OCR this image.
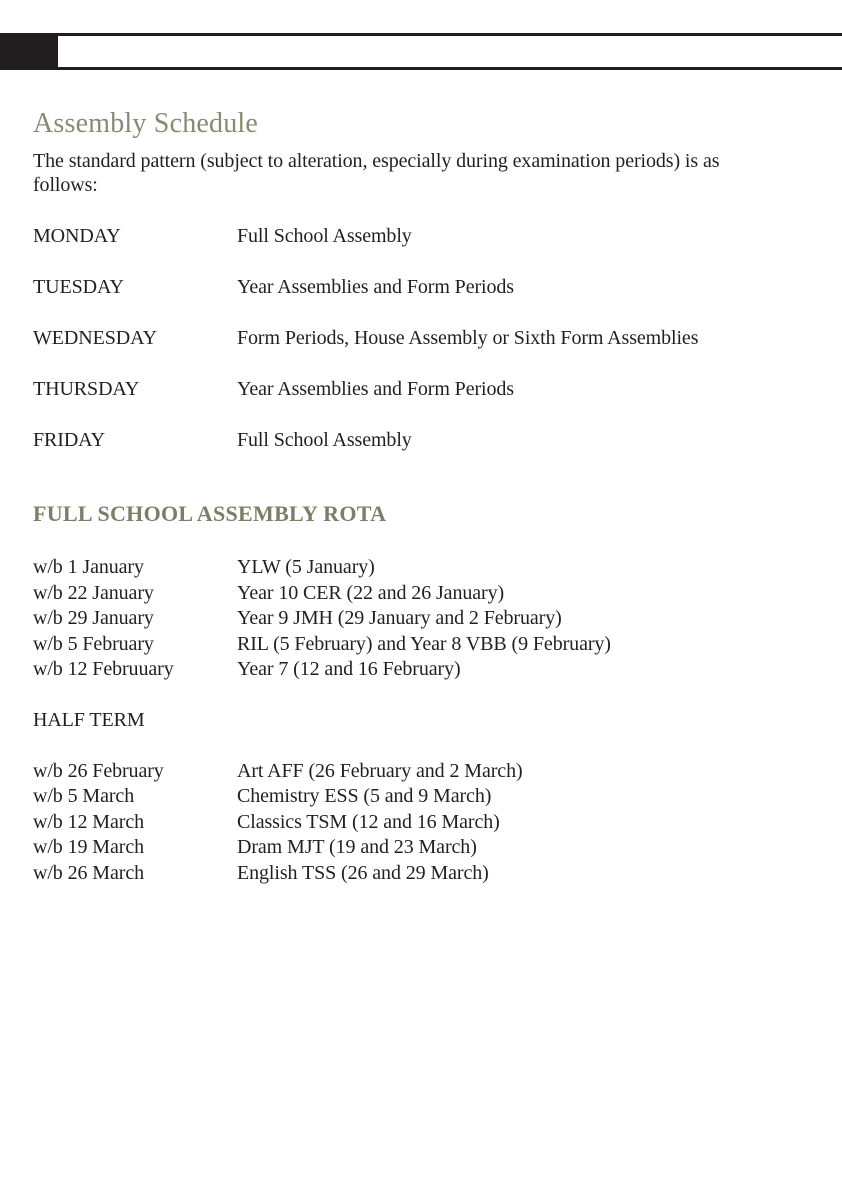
Assembly Schedule

The standard pattern (subject to alteration, especially during examination periods) is as follows:

MONDAY	Full School Assembly
TUESDAY	Year Assemblies and Form Periods
WEDNESDAY	Form Periods, House Assembly or Sixth Form Assemblies
THURSDAY	Year Assemblies and Form Periods
FRIDAY	Full School Assembly
FULL SCHOOL ASSEMBLY ROTA
w/b 1 January	YLW (5 January)
w/b 22 January	Year 10 CER (22 and 26 January)
w/b 29 January	Year 9 JMH (29 January and 2 February)
w/b 5 February	RIL (5 February) and Year 8 VBB (9 February)
w/b 12 Februuary	Year 7 (12 and 16 February)

HALF TERM

w/b 26 February	Art AFF (26 February and 2 March)
w/b 5 March	Chemistry ESS (5 and 9 March)
w/b 12 March	Classics TSM (12 and 16 March)
w/b 19 March	Dram MJT (19 and 23 March)
w/b 26 March	English TSS (26 and 29 March)
